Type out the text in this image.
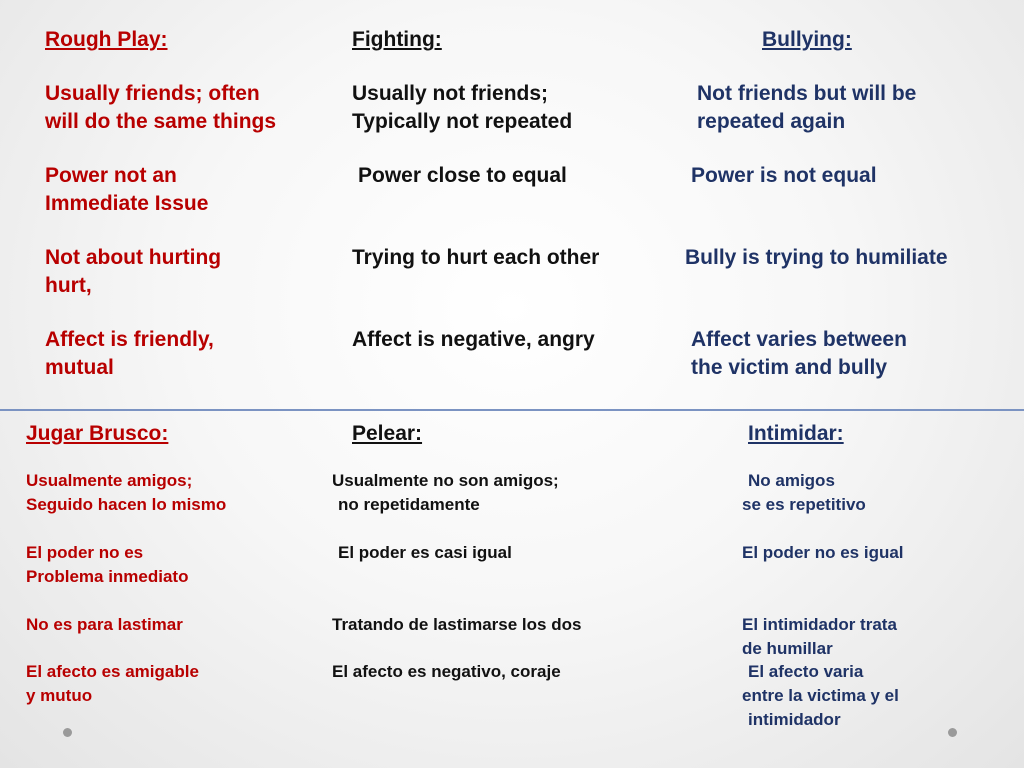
Rough Play:

Usually friends; often

will do the same things

Power not an

Immediate Issue

Not about hurting

hurt,

Affect is friendly,

mutual

Fighting:

Usually not friends;

Typically not repeated

Power close to equal

Trying to hurt each other

Affect is negative, angry

Bullying:

Not friends but will be

repeated again

Power is not equal

Bully is trying to humiliate

Affect varies between

the victim and bully

Jugar Brusco:

Usualmente amigos;

Seguido hacen lo mismo

El poder no es

Problema inmediato

No es para lastimar

El afecto es amigable

y mutuo

Pelear:

Usualmente no son amigos;

no repetidamente

El poder es casi igual

Tratando de lastimarse los dos

El afecto es negativo, coraje

Intimidar:

No amigos

se es repetitivo

El poder no es igual

El intimidador trata

de humillar

El afecto varia

entre la victima y el

intimidador
